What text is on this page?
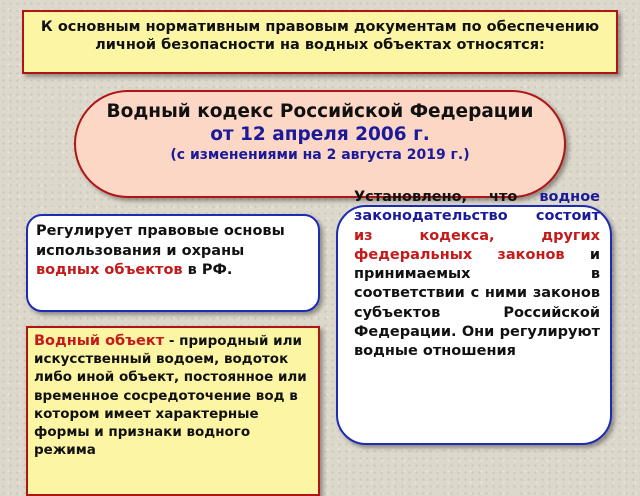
К основным нормативным правовым документам по обеспечению личной безопасности на водных объектах относятся:
Водный кодекс Российской Федерации
от 12 апреля 2006 г.
(с изменениями на 2 августа 2019 г.)
Регулирует правовые основы использования и охраны водных объектов в РФ.
Водный объект - природный или искусственный водоем, водоток либо иной объект, постоянное или временное сосредоточение вод в котором имеет характерные формы и признаки водного режима
Установлено, что водное законодательство состоит из кодекса, других федеральных законов и принимаемых в соответствии с ними законов субъектов Российской Федерации. Они регулируют водные отношения
